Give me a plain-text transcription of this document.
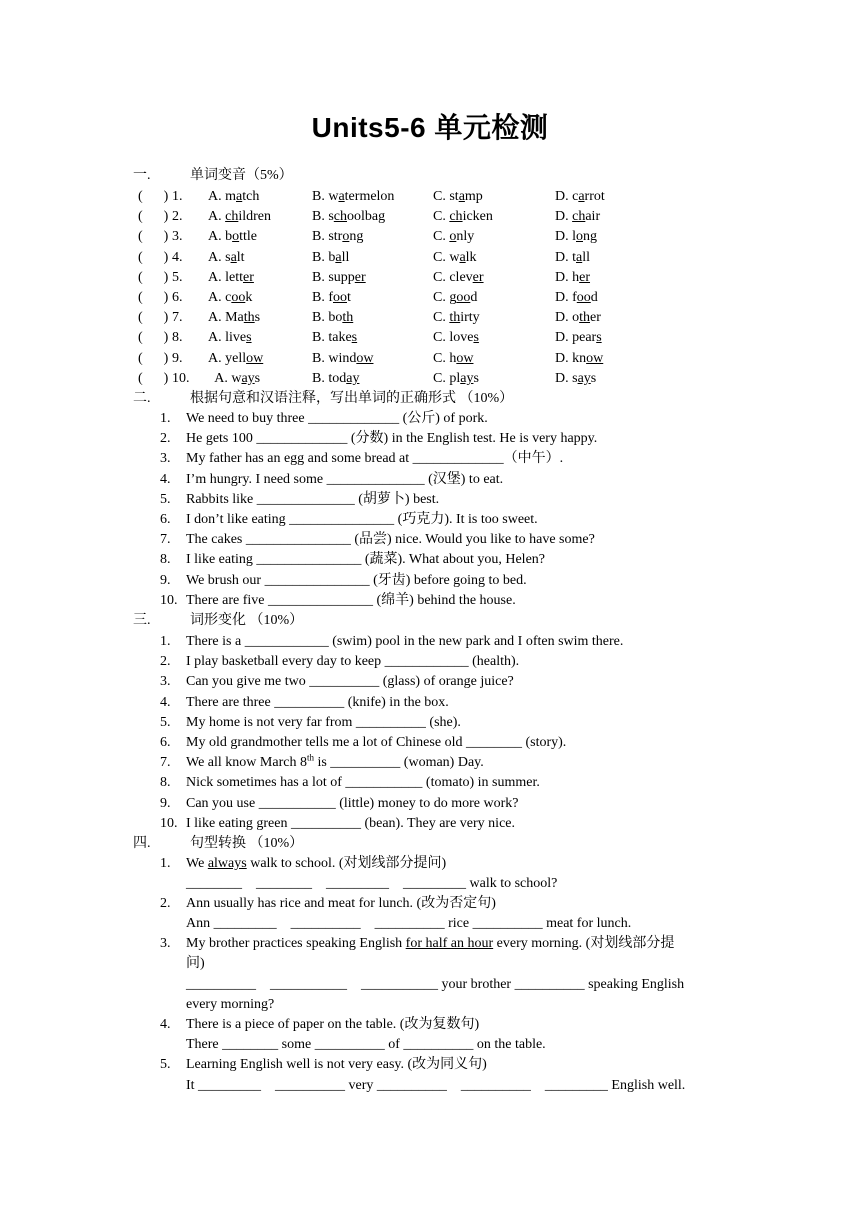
Units5-6 单元检测
一.	单词变音（5%）
(      ) 1. A. match	B. watermelon	C. stamp	D. carrot
(      ) 2. A. children	B. schoolbag	C. chicken	D. chair
(      ) 3. A. bottle	B. strong	C. only	D. long
(      ) 4. A. salt	B. ball	C. walk	D. tall
(      ) 5. A. letter	B. supper	C. clever	D. her
(      ) 6. A. cook	B. foot	C. good	D. food
(      ) 7. A. Maths	B. both	C. thirty	D. other
(      ) 8. A. lives	B. takes	C. loves	D. pears
(      ) 9. A. yellow	B. window	C. how	D. know
(      ) 10. A. ways	B. today	C. plays	D. says
二.	根据句意和汉语注释，写出单词的正确形式 （10%）
1. We need to buy three _____________ (公斤) of pork.
2. He gets 100 _____________ (分数) in the English test. He is very happy.
3. My father has an egg and some bread at _____________（中午）.
4. I’m hungry. I need some ______________ (汉堡) to eat.
5. Rabbits like ______________ (胡萝卜) best.
6. I don’t like eating _______________ (巧克力). It is too sweet.
7. The cakes _______________ (品尝) nice. Would you like to have some?
8. I like eating _______________ (蔬菜). What about you, Helen?
9. We brush our _______________ (牙齿) before going to bed.
10. There are five _______________ (绵羊) behind the house.
三.	词形变化 （10%）
1. There is a ____________ (swim) pool in the new park and I often swim there.
2. I play basketball every day to keep ____________ (health).
3. Can you give me two __________ (glass) of orange juice?
4. There are three __________ (knife) in the box.
5. My home is not very far from __________ (she).
6. My old grandmother tells me a lot of Chinese old ________ (story).
7. We all know March 8th is __________ (woman) Day.
8. Nick sometimes has a lot of ___________ (tomato) in summer.
9. Can you use ___________ (little) money to do more work?
10. I like eating green __________ (bean). They are very nice.
四.	句型转换 （10%）
1. We always walk to school. (对划线部分提问)
________    ________    _________    _________ walk to school?
2. Ann usually has rice and meat for lunch. (改为否定句)
Ann _________    __________    __________ rice __________ meat for lunch.
3. My brother practices speaking English for half an hour every morning. (对划线部分提
问)
__________    ___________    ___________ your brother __________ speaking English
every morning?
4. There is a piece of paper on the table. (改为复数句)
There ________ some __________ of __________ on the table.
5. Learning English well is not very easy. (改为同义句)
It _________    __________ very __________    __________    _________ English well.
